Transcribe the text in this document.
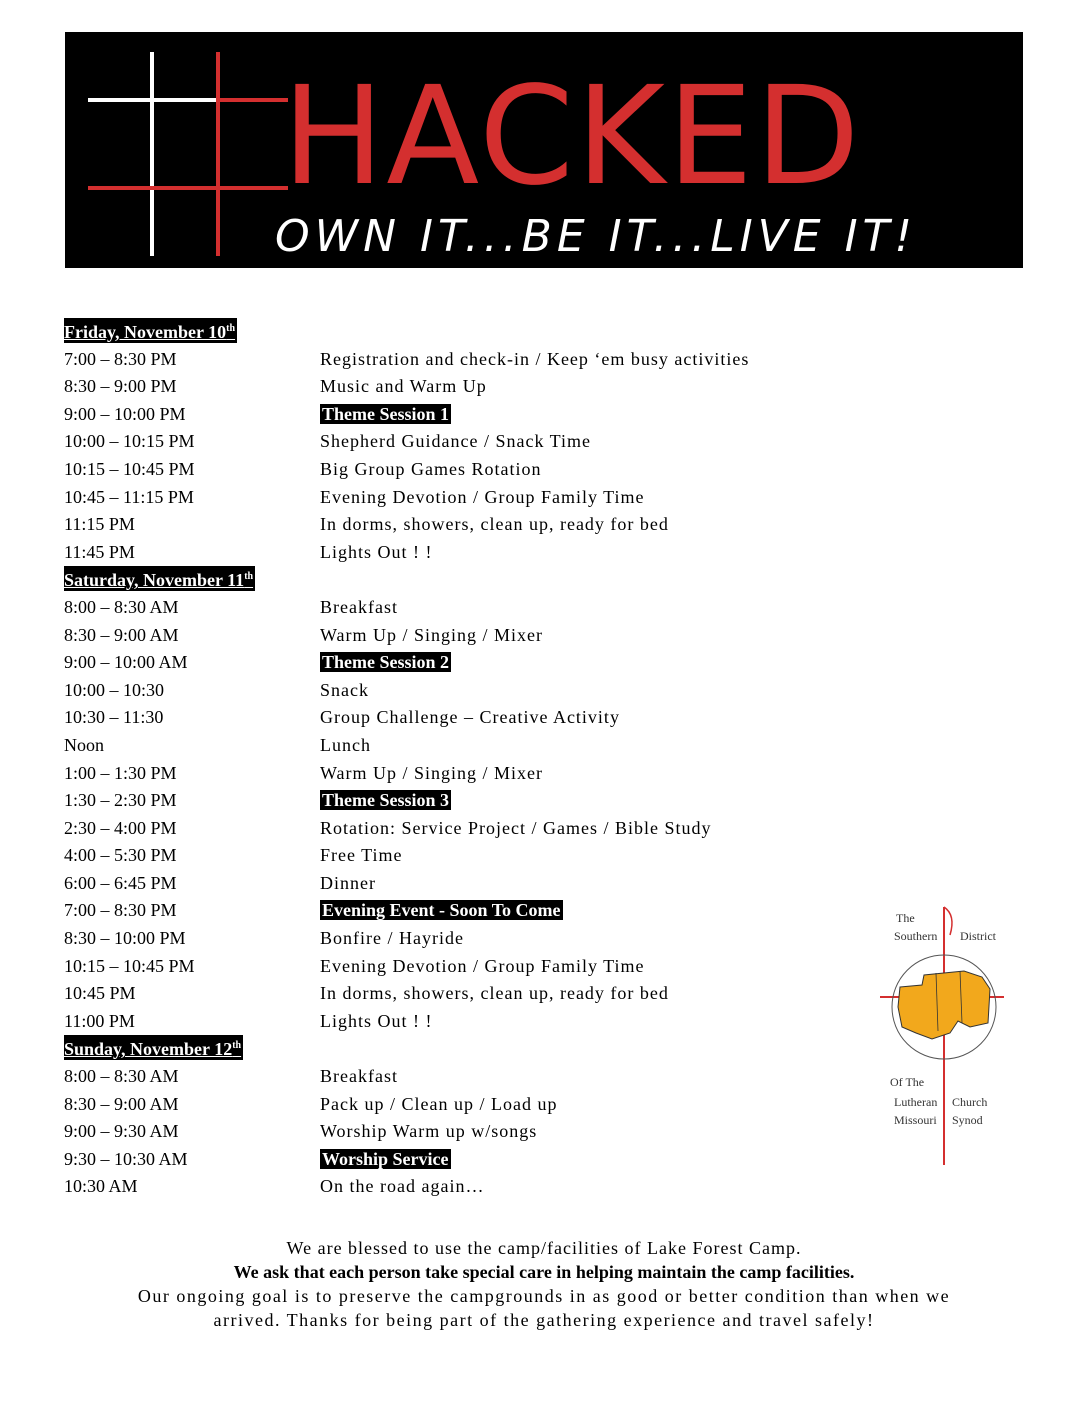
HACKED
OWN IT...BE IT...LIVE IT!
Friday, November 10th
7:00 – 8:30 PM	Registration and check-in / Keep ‘em busy activities
8:30 – 9:00 PM	Music and Warm Up
9:00 – 10:00 PM	Theme Session 1
10:00 – 10:15 PM	Shepherd Guidance / Snack Time
10:15 – 10:45 PM	Big Group Games Rotation
10:45 – 11:15 PM	Evening Devotion / Group Family Time
11:15 PM	In dorms, showers, clean up, ready for bed
11:45 PM	Lights Out ! !
Saturday, November 11th
8:00 – 8:30 AM	Breakfast
8:30 – 9:00 AM	Warm Up / Singing / Mixer
9:00 – 10:00 AM	Theme Session 2
10:00 – 10:30	Snack
10:30 – 11:30	Group Challenge – Creative Activity
Noon	Lunch
1:00 – 1:30 PM	Warm Up / Singing / Mixer
1:30 – 2:30 PM	Theme Session 3
2:30 – 4:00 PM	Rotation: Service Project / Games / Bible Study
4:00 – 5:30 PM	Free Time
6:00 – 6:45 PM	Dinner
7:00 – 8:30 PM	Evening Event - Soon To Come
8:30 – 10:00 PM	Bonfire / Hayride
10:15 – 10:45 PM	Evening Devotion / Group Family Time
10:45 PM	In dorms, showers, clean up, ready for bed
11:00 PM	Lights Out ! !
Sunday, November 12th
8:00 – 8:30 AM	Breakfast
8:30 – 9:00 AM	Pack up / Clean up / Load up
9:00 – 9:30 AM	Worship Warm up w/songs
9:30 – 10:30 AM	Worship Service
10:30 AM	On the road again…
The
Southern District
Of The
Lutheran Church
Missouri Synod
We are blessed to use the camp/facilities of Lake Forest Camp.
We ask that each person take special care in helping maintain the camp facilities.
Our ongoing goal is to preserve the campgrounds in as good or better condition than when we
arrived. Thanks for being part of the gathering experience and travel safely!
